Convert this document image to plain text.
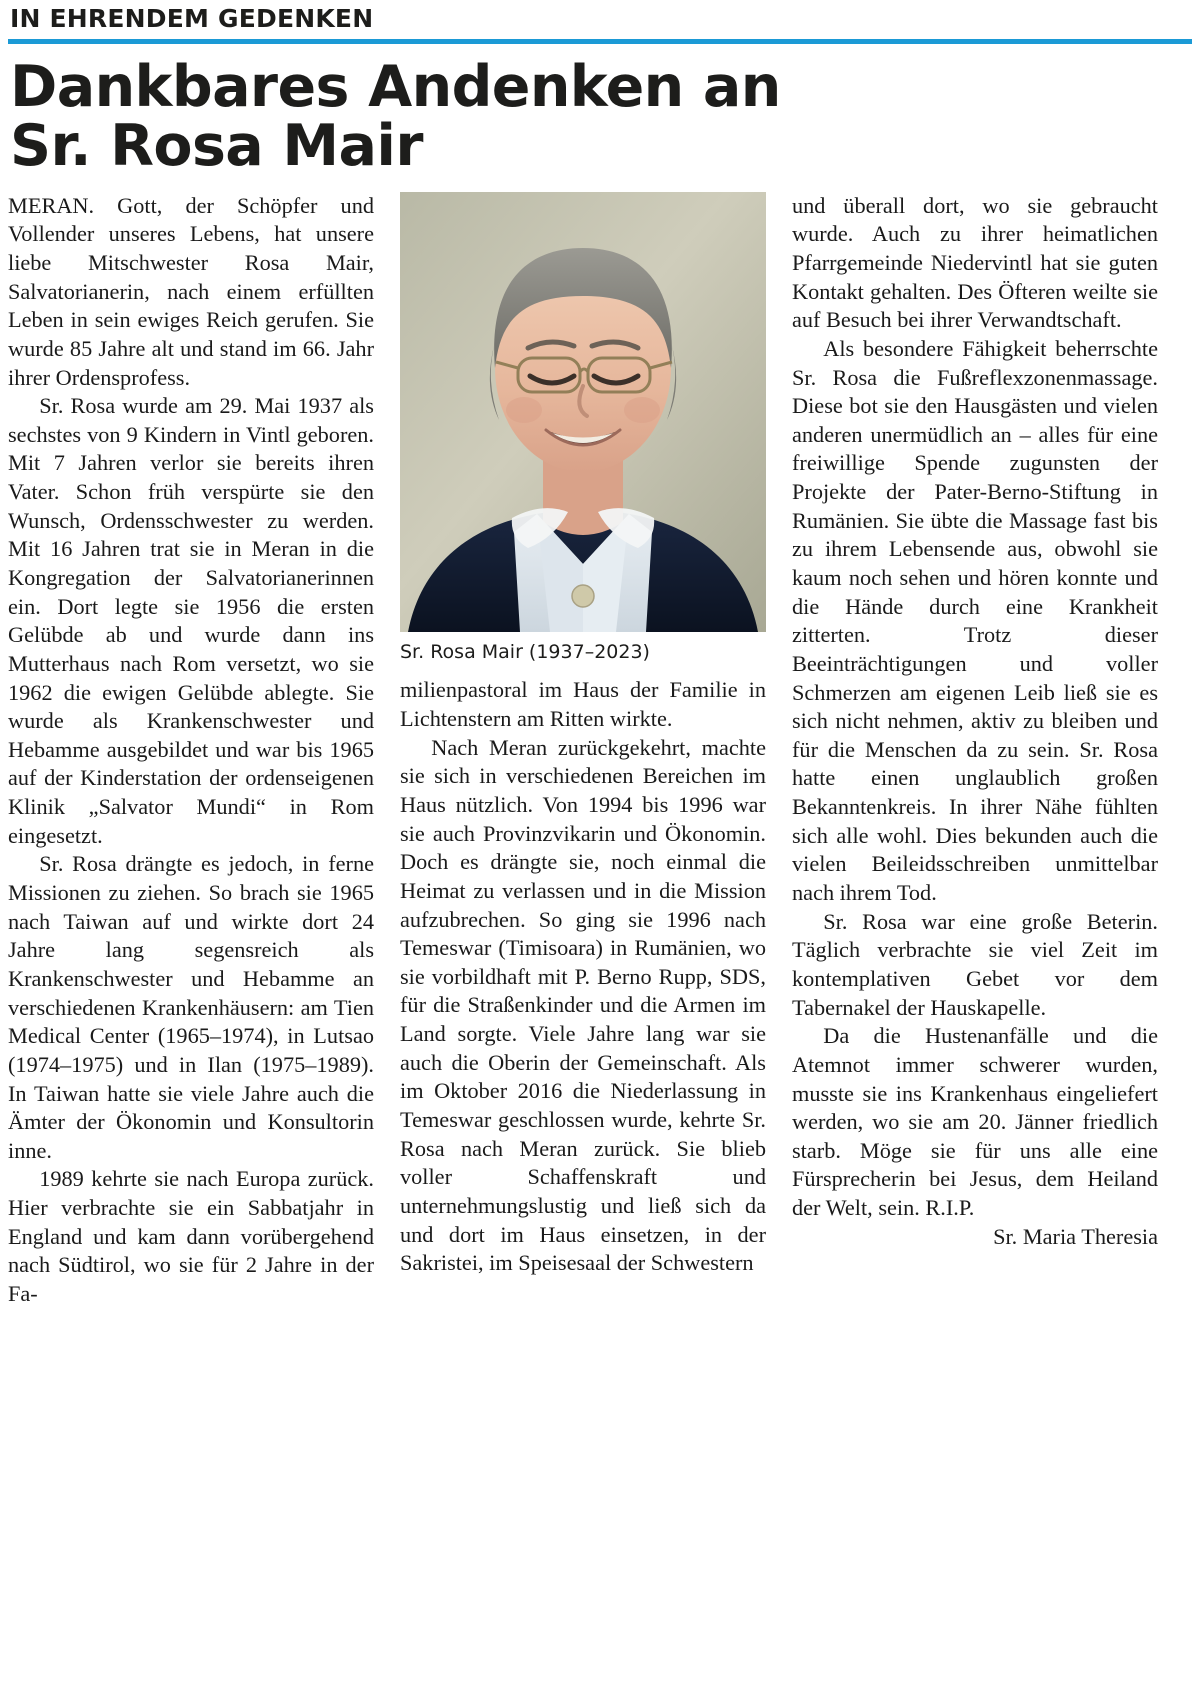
IN EHRENDEM GEDENKEN
Dankbares Andenken an
Sr. Rosa Mair

MERAN. Gott, der Schöpfer und Vollender unseres Lebens, hat unsere liebe Mitschwester Rosa Mair, Salvatorianerin, nach einem erfüllten Leben in sein ewiges Reich gerufen. Sie wurde 85 Jahre alt und stand im 66. Jahr ihrer Ordensprofess.

Sr. Rosa wurde am 29. Mai 1937 als sechstes von 9 Kindern in Vintl geboren. Mit 7 Jahren verlor sie bereits ihren Vater. Schon früh verspürte sie den Wunsch, Ordensschwester zu werden. Mit 16 Jahren trat sie in Meran in die Kongregation der Salvatorianerinnen ein. Dort legte sie 1956 die ersten Gelübde ab und wurde dann ins Mutterhaus nach Rom versetzt, wo sie 1962 die ewigen Gelübde ablegte. Sie wurde als Krankenschwester und Hebamme ausgebildet und war bis 1965 auf der Kinderstation der ordenseigenen Klinik „Salvator Mundi“ in Rom eingesetzt.

Sr. Rosa drängte es jedoch, in ferne Missionen zu ziehen. So brach sie 1965 nach Taiwan auf und wirkte dort 24 Jahre lang segensreich als Krankenschwester und Hebamme an verschiedenen Krankenhäusern: am Tien Medical Center (1965–1974), in Lutsao (1974–1975) und in Ilan (1975–1989). In Taiwan hatte sie viele Jahre auch die Ämter der Ökonomin und Konsultorin inne.

1989 kehrte sie nach Europa zurück. Hier verbrachte sie ein Sabbatjahr in England und kam dann vorübergehend nach Südtirol, wo sie für 2 Jahre in der Fa-

Sr. Rosa Mair (1937–2023)

milienpastoral im Haus der Familie in Lichtenstern am Ritten wirkte.

Nach Meran zurückgekehrt, machte sie sich in verschiedenen Bereichen im Haus nützlich. Von 1994 bis 1996 war sie auch Provinzvikarin und Ökonomin. Doch es drängte sie, noch einmal die Heimat zu verlassen und in die Mission aufzubrechen. So ging sie 1996 nach Temeswar (Timisoara) in Rumänien, wo sie vorbildhaft mit P. Berno Rupp, SDS, für die Straßenkinder und die Armen im Land sorgte. Viele Jahre lang war sie auch die Oberin der Gemeinschaft. Als im Oktober 2016 die Niederlassung in Temeswar geschlossen wurde, kehrte Sr. Rosa nach Meran zurück. Sie blieb voller Schaffenskraft und unternehmungslustig und ließ sich da und dort im Haus einsetzen, in der Sakristei, im Speisesaal der Schwestern

und überall dort, wo sie gebraucht wurde. Auch zu ihrer heimatlichen Pfarrgemeinde Niedervintl hat sie guten Kontakt gehalten. Des Öfteren weilte sie auf Besuch bei ihrer Verwandtschaft.

Als besondere Fähigkeit beherrschte Sr. Rosa die Fußreflexzonenmassage. Diese bot sie den Hausgästen und vielen anderen unermüdlich an – alles für eine freiwillige Spende zugunsten der Projekte der Pater-Berno-Stiftung in Rumänien. Sie übte die Massage fast bis zu ihrem Lebensende aus, obwohl sie kaum noch sehen und hören konnte und die Hände durch eine Krankheit zitterten. Trotz dieser Beeinträchtigungen und voller Schmerzen am eigenen Leib ließ sie es sich nicht nehmen, aktiv zu bleiben und für die Menschen da zu sein. Sr. Rosa hatte einen unglaublich großen Bekanntenkreis. In ihrer Nähe fühlten sich alle wohl. Dies bekunden auch die vielen Beileidsschreiben unmittelbar nach ihrem Tod.

Sr. Rosa war eine große Beterin. Täglich verbrachte sie viel Zeit im kontemplativen Gebet vor dem Tabernakel der Hauskapelle.

Da die Hustenanfälle und die Atemnot immer schwerer wurden, musste sie ins Krankenhaus eingeliefert werden, wo sie am 20. Jänner friedlich starb. Möge sie für uns alle eine Fürsprecherin bei Jesus, dem Heiland der Welt, sein. R.I.P.

Sr. Maria Theresia
